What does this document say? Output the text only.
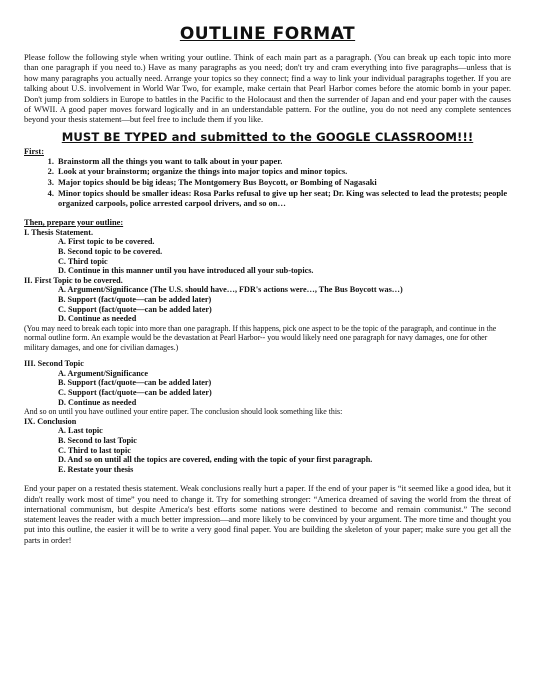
OUTLINE FORMAT

Please follow the following style when writing your outline. Think of each main part as a paragraph. (You can break up each topic into more than one paragraph if you need to.) Have as many paragraphs as you need; don't try and cram everything into five paragraphs—unless that is how many paragraphs you actually need. Arrange your topics so they connect; find a way to link your individual paragraphs together. If you are talking about U.S. involvement in World War Two, for example, make certain that Pearl Harbor comes before the atomic bomb in your paper. Don't jump from soldiers in Europe to battles in the Pacific to the Holocaust and then the surrender of Japan and end your paper with the causes of WWII. A good paper moves forward logically and in an understandable pattern. For the outline, you do not need any complete sentences beyond your thesis statement—but feel free to include them if you like.

MUST BE TYPED and submitted to the GOOGLE CLASSROOM!!!
First:
1. Brainstorm all the things you want to talk about in your paper.
2. Look at your brainstorm; organize the things into major topics and minor topics.
3. Major topics should be big ideas; The Montgomery Bus Boycott, or Bombing of Nagasaki
4. Minor topics should be smaller ideas: Rosa Parks refusal to give up her seat; Dr. King was selected to lead the protests; people organized carpools, police arrested carpool drivers, and so on…
Then, prepare your outline:
I. Thesis Statement.
A. First topic to be covered.
B. Second topic to be covered.
C. Third topic
D. Continue in this manner until you have introduced all your sub-topics.
II. First Topic to be covered.
A. Argument/Significance (The U.S. should have…, FDR's actions were…, The Bus Boycott was…)
B. Support (fact/quote—can be added later)
C. Support (fact/quote—can be added later)
D. Continue as needed

(You may need to break each topic into more than one paragraph. If this happens, pick one aspect to be the topic of the paragraph, and continue in the normal outline form. An example would be the devastation at Pearl Harbor-- you would likely need one paragraph for navy damages, one for other military damages, and one for civilian damages.)

III. Second Topic
A. Argument/Significance
B. Support (fact/quote—can be added later)
C. Support (fact/quote—can be added later)
D. Continue as needed

And so on until you have outlined your entire paper. The conclusion should look something like this:

IX. Conclusion
A. Last topic
B. Second to last Topic
C. Third to last topic
D. And so on until all the topics are covered, ending with the topic of your first paragraph.
E. Restate your thesis

End your paper on a restated thesis statement. Weak conclusions really hurt a paper. If the end of your paper is “it seemed like a good idea, but it didn't really work most of time” you need to change it. Try for something stronger: “America dreamed of saving the world from the threat of international communism, but despite America's best efforts some nations were destined to become and remain communist.” The second statement leaves the reader with a much better impression—and more likely to be convinced by your argument. The more time and thought you put into this outline, the easier it will be to write a very good final paper. You are building the skeleton of your paper; make sure you get all the parts in order!
